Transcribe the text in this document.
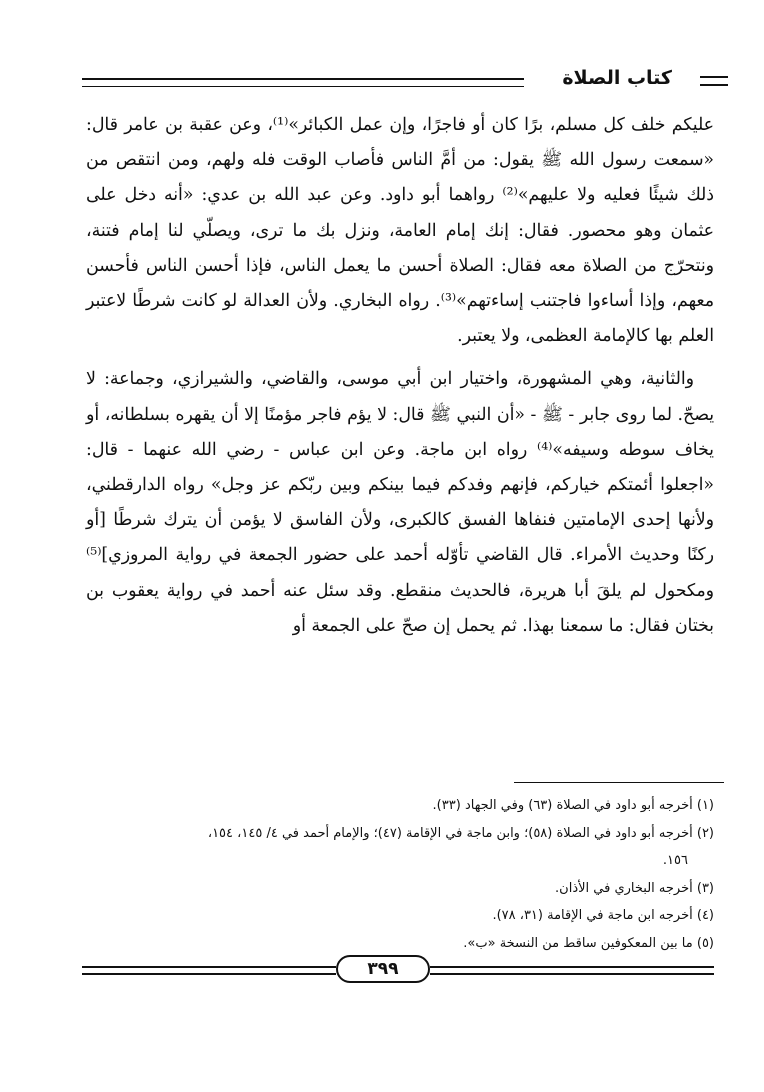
كتاب الصلاة

عليكم خلف كل مسلم، برًا كان أو فاجرًا، وإن عمل الكبائر»⁽¹⁾، وعن عقبة بن عامر قال: «سمعت رسول الله ﷺ يقول: من أمَّ الناس فأصاب الوقت فله ولهم، ومن انتقص من ذلك شيئًا فعليه ولا عليهم»⁽²⁾ رواهما أبو داود. وعن عبد الله بن عدي: «أنه دخل على عثمان وهو محصور. فقال: إنك إمام العامة، ونزل بك ما ترى، ويصلّي لنا إمام فتنة، ونتحرّج من الصلاة معه فقال: الصلاة أحسن ما يعمل الناس، فإذا أحسن الناس فأحسن معهم، وإذا أساءوا فاجتنب إساءتهم»⁽³⁾. رواه البخاري. ولأن العدالة لو كانت شرطًا لاعتبر العلم بها كالإمامة العظمى، ولا يعتبر.

والثانية، وهي المشهورة، واختيار ابن أبي موسى، والقاضي، والشيرازي، وجماعة: لا يصحّ. لما روى جابر - ﷺ - «أن النبي ﷺ قال: لا يؤم فاجر مؤمنًا إلا أن يقهره بسلطانه، أو يخاف سوطه وسيفه»⁽⁴⁾ رواه ابن ماجة. وعن ابن عباس - رضي الله عنهما - قال: «اجعلوا أئمتكم خياركم، فإنهم وفدكم فيما بينكم وبين ربّكم عز وجل» رواه الدارقطني، ولأنها إحدى الإمامتين فنفاها الفسق كالكبرى، ولأن الفاسق لا يؤمن أن يترك شرطًا [أو ركنًا وحديث الأمراء. قال القاضي تأوّله أحمد على حضور الجمعة في رواية المروزي]⁽⁵⁾ ومكحول لم يلقَ أبا هريرة، فالحديث منقطع. وقد سئل عنه أحمد في رواية يعقوب بن بختان فقال: ما سمعنا بهذا. ثم يحمل إن صحّ على الجمعة أو

(١) أخرجه أبو داود في الصلاة (٦٣) وفي الجهاد (٣٣).

(٢) أخرجه أبو داود في الصلاة (٥٨)؛ وابن ماجة في الإقامة (٤٧)؛ والإمام أحمد في ٤/ ١٤٥، ١٥٤،

١٥٦.

(٣) أخرجه البخاري في الأذان.

(٤) أخرجه ابن ماجة في الإقامة (٣١، ٧٨).

(٥) ما بين المعكوفين ساقط من النسخة «ب».

٣٩٩
